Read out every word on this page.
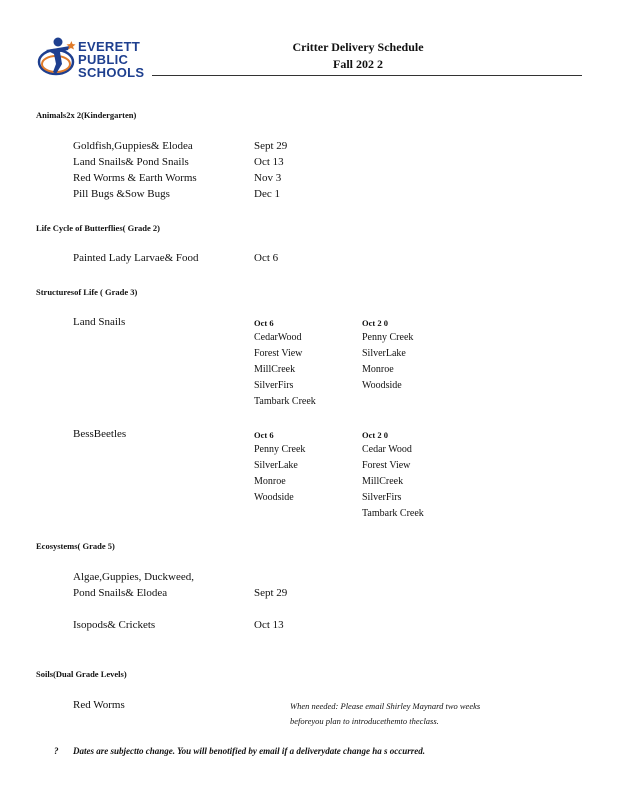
EVERETT
PUBLIC
SCHOOLS
Critter Delivery Schedule
Fall 202 2
Animals2x 2(Kindergarten)
Goldfish,Guppies& Elodea	Sept 29
Land Snails& Pond Snails	Oct 13
Red Worms & Earth Worms	Nov 3
Pill Bugs &Sow Bugs	Dec 1
Life Cycle of Butterflies( Grade 2)
Painted Lady Larvae& Food	Oct 6
Structuresof Life ( Grade 3)
Land Snails	Oct 6
CedarWood
Forest View
MillCreek
SilverFirs
Tambark Creek
Oct 2 0
Penny Creek
SilverLake
Monroe
Woodside
BessBeetles	Oct 6
Penny Creek
SilverLake
Monroe
Woodside
Oct 2 0
Cedar Wood
Forest View
MillCreek
SilverFirs
Tambark Creek
Ecosystems( Grade 5)
Algae,Guppies, Duckweed,
Pond Snails& Elodea	Sept 29
Isopods& Crickets	Oct 13
Soils(Dual Grade Levels)
Red Worms	When needed: Please email Shirley Maynard two weeks
beforeyou plan to introducethemto theclass.
? Dates are subjectto change. You will benotified by email if a deliverydate change ha s occurred.
